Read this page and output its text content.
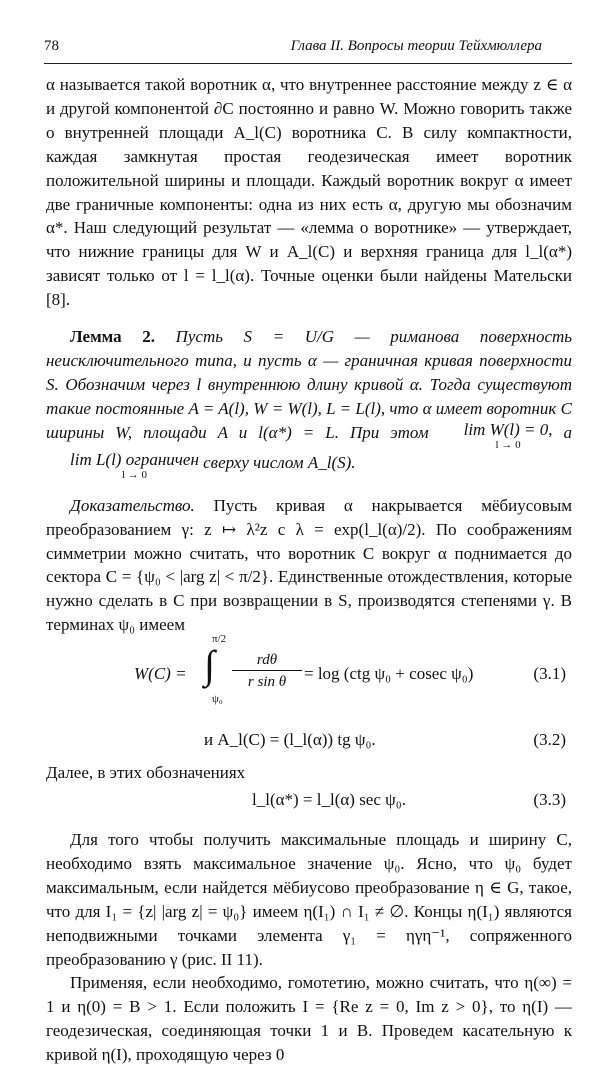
78	Глава II. Вопросы теории Тейхмюллера

α называется такой воротник α, что внутреннее расстояние между z ∈ α и другой компонентой ∂C постоянно и равно W. Можно говорить также о внутренней площади A_l(C) воротника C. В силу компактности, каждая замкнутая простая геодезическая имеет воротник положительной ширины и площади. Каждый воротник вокруг α имеет две граничные компоненты: одна из них есть α, другую мы обозначим α*. Наш следующий результат — «лемма о воротнике» — утверждает, что нижние границы для W и A_l(C) и верхняя граница для l_l(α*) зависят только от l = l_l(α). Точные оценки были найдены Мательски [8].

Лемма 2. Пусть S = U/G — риманова поверхность неисключительного типа, и пусть α — граничная кривая поверхности S. Обозначим через l внутреннюю длину кривой α. Тогда существуют такие постоянные A = A(l), W = W(l), L = L(l), что α имеет воротник C ширины W, площади A и l(α*) = L. При этом lim W(l) = 0,
l → 0
а lim L(l) ограничен
l → 0
сверху числом A_l(S).

Доказательство. Пусть кривая α накрывается мёбиусовым преобразованием γ: z ↦ λ²z с λ = exp(l_l(α)/2). По соображениям симметрии можно считать, что воротник C вокруг α поднимается до сектора C = {ψ₀ < |arg z| < π/2}. Единственные отождествления, которые нужно сделать в C при возвращении в S, производятся степенями γ. В терминах ψ₀ имеем

W(C) =
π/2
∫
ψ₀
rdθ
r sin θ	= log (ctg ψ₀ + cosec ψ₀)	(3.1)
и A_l(C) = (l_l(α)) tg ψ₀.	(3.2)

Далее, в этих обозначениях

l_l(α*) = l_l(α) sec ψ₀.	(3.3)

Для того чтобы получить максимальные площадь и ширину C, необходимо взять максимальное значение ψ₀. Ясно, что ψ₀ будет максимальным, если найдется мёбиусово преобразование η ∈ G, такое, что для I₁ = {z| |arg z| = ψ₀} имеем η(I₁) ∩ I₁ ≠ ∅. Концы η(I₁) являются неподвижными точками элемента γ₁ = ηγη⁻¹, сопряженного преобразованию γ (рис. II 11).

Применяя, если необходимо, гомотетию, можно считать, что η(∞) = 1 и η(0) = B > 1. Если положить I = {Re z = 0, Im z > 0}, то η(I) — геодезическая, соединяющая точки 1 и B. Проведем касательную к кривой η(I), проходящую через 0
